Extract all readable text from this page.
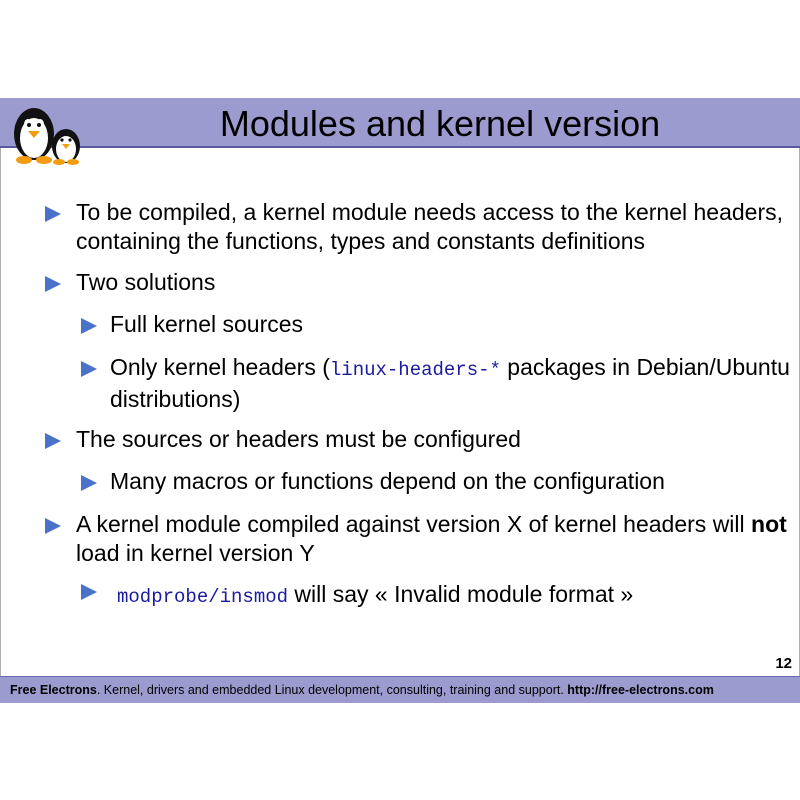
Modules and kernel version
To be compiled, a kernel module needs access to the kernel headers, containing the functions, types and constants definitions
Two solutions
Full kernel sources
Only kernel headers (linux-headers-* packages in Debian/Ubuntu distributions)
The sources or headers must be configured
Many macros or functions depend on the configuration
A kernel module compiled against version X of kernel headers will not load in kernel version Y
modprobe/insmod will say « Invalid module format »
12
Free Electrons. Kernel, drivers and embedded Linux development, consulting, training and support. http://free-electrons.com
